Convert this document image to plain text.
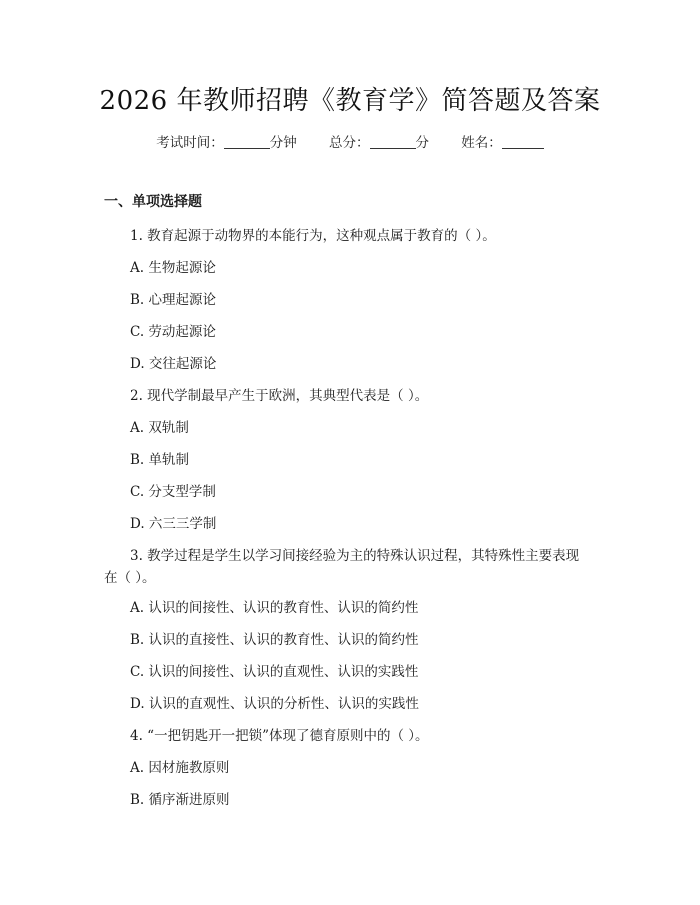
2026 年教师招聘《教育学》简答题及答案
考试时间：	分钟 总分：	分 姓名：
一、单项选择题
1. 教育起源于动物界的本能行为，这种观点属于教育的（ ）。
A. 生物起源论
B. 心理起源论
C. 劳动起源论
D. 交往起源论
2. 现代学制最早产生于欧洲，其典型代表是（ ）。
A. 双轨制
B. 单轨制
C. 分支型学制
D. 六三三学制
3. 教学过程是学生以学习间接经验为主的特殊认识过程，其特殊性主要表现
在（ ）。
A. 认识的间接性、认识的教育性、认识的简约性
B. 认识的直接性、认识的教育性、认识的简约性
C. 认识的间接性、认识的直观性、认识的实践性
D. 认识的直观性、认识的分析性、认识的实践性
4. “一把钥匙开一把锁”体现了德育原则中的（ ）。
A. 因材施教原则
B. 循序渐进原则
